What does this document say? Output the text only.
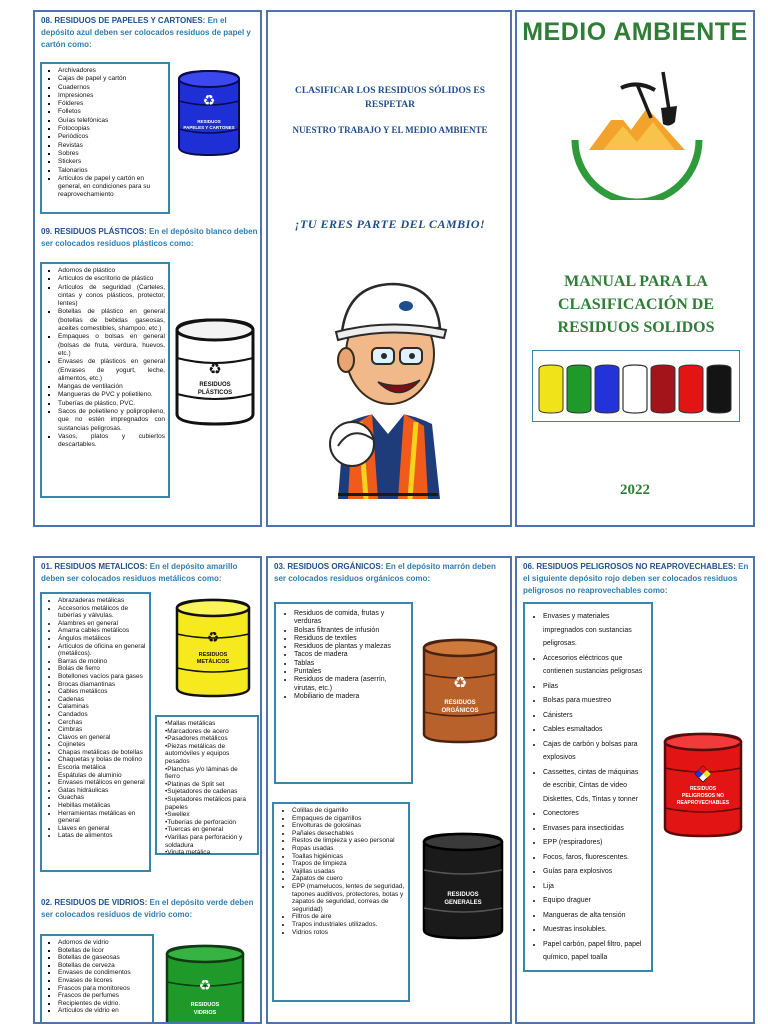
08. RESIDUOS DE PAPELES Y CARTONES: En el depósito azul deben ser colocados residuos de papel y cartón como:

▪ Archivadores
▪ Cajas de papel y cartón
▪ Cuadernos
▪ Impresiones
▪ Fólderes
▪ Folletos
▪ Guías telefónicas
▪ Fotocopias
▪ Periódicos
▪ Revistas
▪ Sobres
▪ Stickers
▪ Talonarios
▪ Artículos de papel y cartón en general, en condiciones para su reaprovechamiento
♻
RESIDUOS
PAPELES Y CARTONES

09. RESIDUOS PLÁSTICOS: En el depósito blanco deben ser colocados residuos plásticos como:

▪ Adornos de plástico
▪ Artículos de escritorio de plástico
▪ Artículos de seguridad (Carteles, cintas y conos plásticos, protector, lentes)
▪ Botellas de plástico en general (botellas de bebidas gaseosas, aceites comestibles, shampoo, etc.)
▪ Empaques o bolsas en general (bolsas de fruta, verdura, huevos, etc.)
▪ Envases de plásticos en general (Envases de yogurt, leche, alimentos, etc.)
▪ Mangas de ventilación
▪ Mangueras de PVC y polietileno.
▪ Tuberías de plástico, PVC.
▪ Sacos de polietileno y polipropileno, que no estén impregnados con sustancias peligrosas.
▪ Vasos, platos y cubiertos descartables.
♻
RESIDUOS
PLÁSTICOS

CLASIFICAR LOS RESIDUOS SÓLIDOS ES RESPETAR

NUESTRO TRABAJO Y EL MEDIO AMBIENTE

¡TU ERES PARTE DEL CAMBIO!

MEDIO AMBIENTE

MANUAL PARA LA CLASIFICACIÓN DE RESIDUOS SOLIDOS

2022

01. RESIDUOS METALICOS: En el depósito amarillo deben ser colocados residuos metálicos como:

• Abrazaderas metálicas
• Accesorios metálicos de tuberías y válvulas.
• Alambres en general
• Amarra cables metálicos
• Ángulos metálicos
• Artículos de oficina en general (metálicos).
• Barras de molino
• Bolas de fierro
• Botellones vacíos para gases
• Brocas diamantinas
• Cables metálicos
• Cadenas
• Calaminas
• Candados
• Cerchas
• Cimbras
• Clavos en general
• Cojinetes
• Chapas metálicas de botellas
• Chaquetas y bolas de molino
• Escoria metálica
• Espátulas de aluminio
• Envases metálicos en general
• Gatas hidráulicas
• Guachas
• Hebillas metálicas
• Herramientas metálicas en general
• Llaves en general
• Latas de alimentos
♻
RESIDUOS
METÁLICOS
•Mallas metálicas
•Marcadores de acero
•Pasadores metálicos
•Piezas metálicas de automóviles y equipos pesados
•Planchas y/o láminas de fierro
•Platinas de Split set
•Sujetadores de cadenas
•Sujetadores metálicos para papeles
•Swellex
•Tuberías de perforación
•Tuercas en general
•Varillas para perforación y soldadura
•Viruta metálica

02. RESIDUOS DE VIDRIOS: En el depósito verde deben ser colocados residuos de vidrio como:

▪ Adornos de vidrio
▪ Botellas de licor
▪ Botellas de gaseosas
▪ Botellas de cerveza
▪ Envases de condimentos
▪ Envases de licores
▪ Frascos para monitoreos
▪ Frascos de perfumes
▪ Recipientes de vidrio.
▪ Artículos de vidrio en
♻
RESIDUOS
VIDRIOS

03. RESIDUOS ORGÁNICOS: En el depósito marrón deben ser colocados residuos orgánicos como:

• Residuos de comida, frutas y verduras
• Bolsas filtrantes de infusión
• Residuos de textiles
• Residuos de plantas y malezas
• Tacos de madera
• Tablas
• Puntales
• Residuos de madera (aserrín, virutas, etc.)
• Mobiliario de madera
♻
RESIDUOS
ORGÁNICOS
• Colillas de cigarrillo
• Empaques de cigarrillos
• Envolturas de golosinas
• Pañales desechables
• Restos de limpieza y aseo personal
• Ropas usadas
• Toallas higiénicas
• Trapos de limpieza
• Vajillas usadas
• Zapatos de cuero
• EPP (mamelucos, lentes de seguridad, tapones auditivos, protectores, botas y zapatos de seguridad, correas de seguridad)
• Filtros de aire
• Trapos industriales utilizados.
• Vidrios rotos
RESIDUOS
GENERALES

06. RESIDUOS PELIGROSOS NO REAPROVECHABLES: En el siguiente depósito rojo deben ser colocados residuos peligrosos no reaprovechables como:

• Envases y materiales impregnados con sustancias peligrosas.
• Accesorios eléctricos que contienen sustancias peligrosas
• Pilas
• Bolsas para muestreo
• Cánisters
• Cables esmaltados
• Cajas de carbón y bolsas para explosivos
• Cassettes, cintas de máquinas de escribir, Cintas de video Diskettes, Cds, Tintas y tonner
• Conectores
• Envases para insecticidas
• EPP (respiradores)
• Focos, faros, fluorescentes.
• Guías para explosivos
• Lija
• Equipo draguer
• Mangueras de alta tensión
• Muestras insolubles.
• Papel carbón, papel filtro, papel químico, papel toalla
RESIDUOS
PELIGROSOS NO
REAPROVECHABLES
